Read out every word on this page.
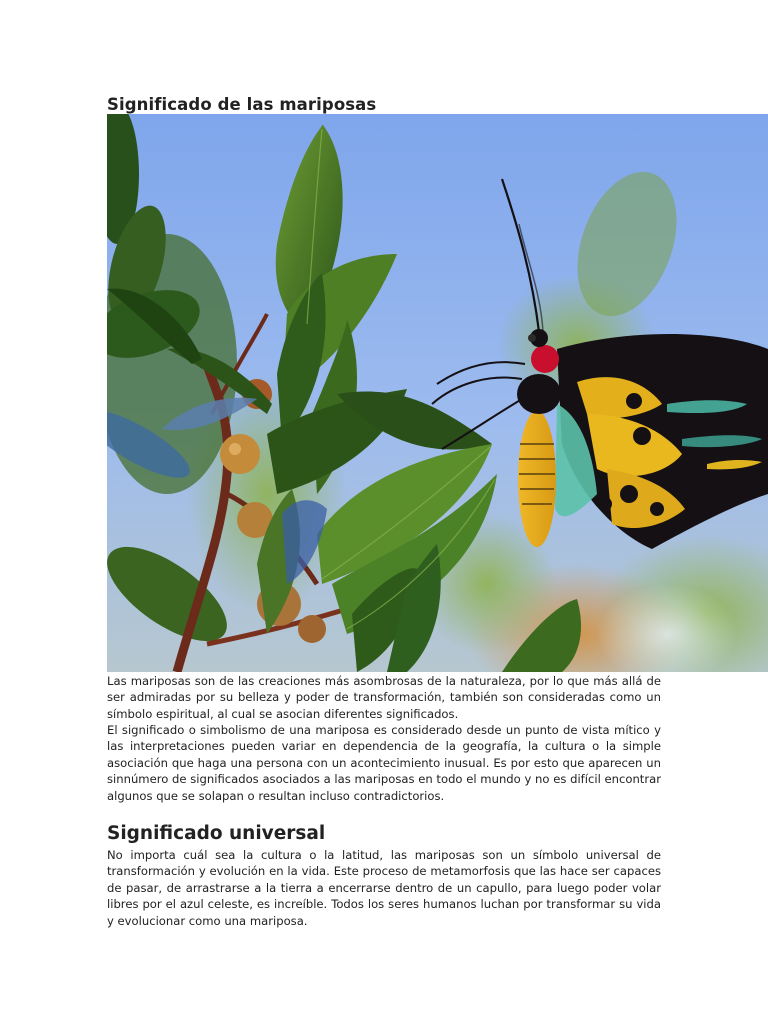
Significado de las mariposas

Las mariposas son de las creaciones más asombrosas de la naturaleza, por lo que más allá de ser admiradas por su belleza y poder de transformación, también son consideradas como un símbolo espiritual, al cual se asocian diferentes significados.

El significado o simbolismo de una mariposa es considerado desde un punto de vista mítico y las interpretaciones pueden variar en dependencia de la geografía, la cultura o la simple asociación que haga una persona con un acontecimiento inusual. Es por esto que aparecen un sinnúmero de significados asociados a las mariposas en todo el mundo y no es difícil encontrar algunos que se solapan o resultan incluso contradictorios.

Significado universal

No importa cuál sea la cultura o la latitud, las mariposas son un símbolo universal de transformación y evolución en la vida. Este proceso de metamorfosis que las hace ser capaces de pasar, de arrastrarse a la tierra a encerrarse dentro de un capullo, para luego poder volar libres por el azul celeste, es increíble. Todos los seres humanos luchan por transformar su vida y evolucionar como una mariposa.
